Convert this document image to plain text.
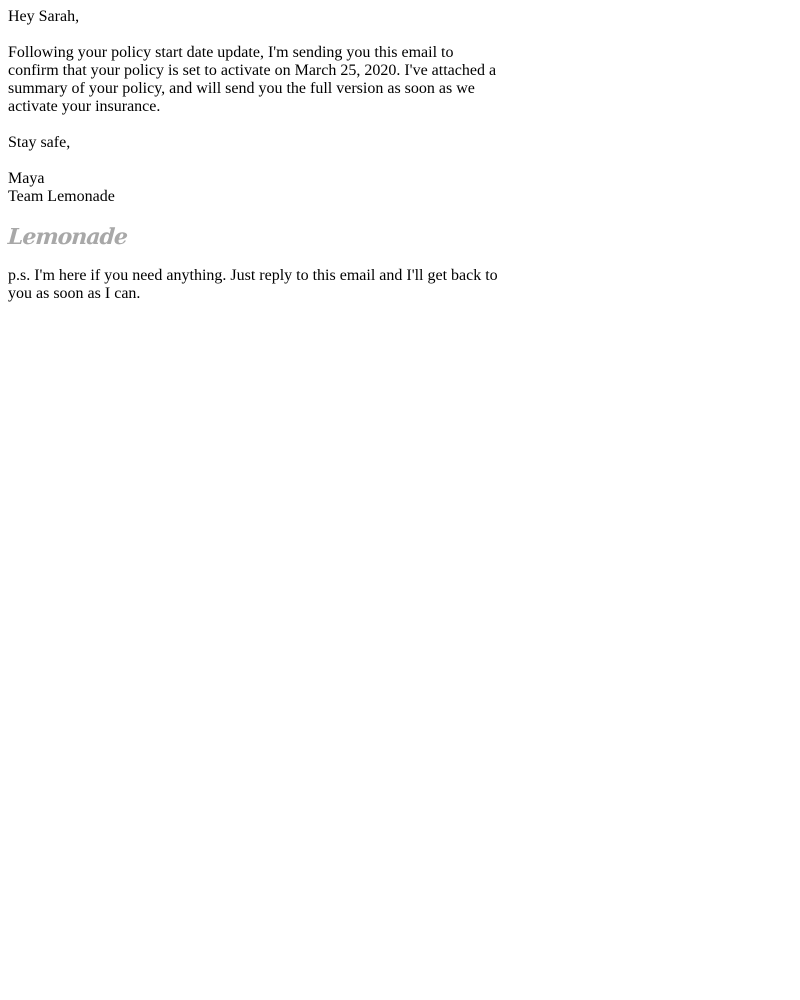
Hey Sarah,

Following your policy start date update, I'm sending you this email to confirm that your policy is set to activate on March 25, 2020. I've attached a summary of your policy, and will send you the full version as soon as we activate your insurance.

Stay safe,

Maya
Team Lemonade

Lemonade

p.s. I'm here if you need anything. Just reply to this email and I'll get back to you as soon as I can.
